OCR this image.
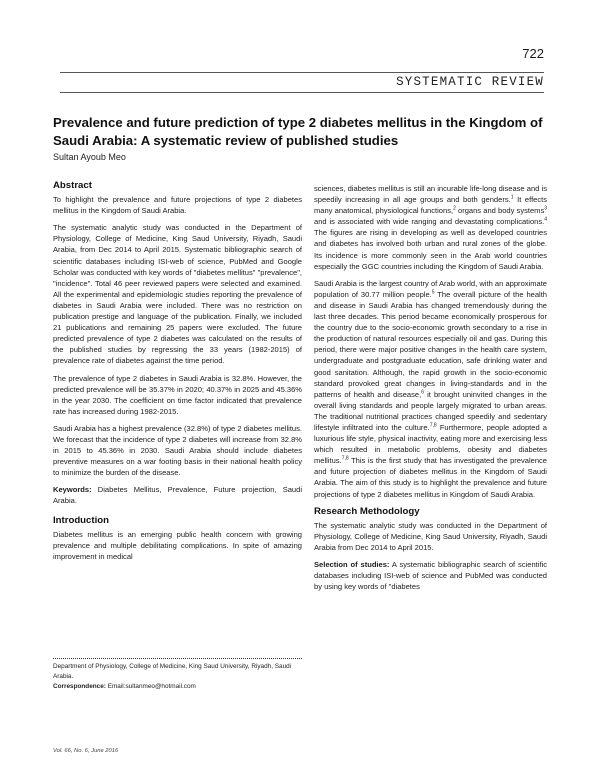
722
SYSTEMATIC REVIEW
Prevalence and future prediction of type 2 diabetes mellitus in the Kingdom of Saudi Arabia: A systematic review of published studies
Sultan Ayoub Meo
Abstract

To highlight the prevalence and future projections of type 2 diabetes mellitus in the Kingdom of Saudi Arabia.

The systematic analytic study was conducted in the Department of Physiology, College of Medicine, King Saud University, Riyadh, Saudi Arabia, from Dec 2014 to April 2015. Systematic bibliographic search of scientific databases including ISI-web of science, PubMed and Google Scholar was conducted with key words of "diabetes mellitus" "prevalence", "incidence". Total 46 peer reviewed papers were selected and examined. All the experimental and epidemiologic studies reporting the prevalence of diabetes in Saudi Arabia were included. There was no restriction on publication prestige and language of the publication. Finally, we included 21 publications and remaining 25 papers were excluded. The future predicted prevalence of type 2 diabetes was calculated on the results of the published studies by regressing the 33 years (1982-2015) of prevalence rate of diabetes against the time period.

The prevalence of type 2 diabetes in Saudi Arabia is 32.8%. However, the predicted prevalence will be 35.37% in 2020; 40.37% in 2025 and 45.36% in the year 2030. The coefficient on time factor indicated that prevalence rate has increased during 1982-2015.

Saudi Arabia has a highest prevalence (32.8%) of type 2 diabetes mellitus. We forecast that the incidence of type 2 diabetes will increase from 32.8% in 2015 to 45.36% in 2030. Saudi Arabia should include diabetes preventive measures on a war footing basis in their national health policy to minimize the burden of the disease.

Keywords: Diabetes Mellitus, Prevalence, Future projection, Saudi Arabia.

Introduction

Diabetes mellitus is an emerging public health concern with growing prevalence and multiple debilitating complications. In spite of amazing improvement in medical

Department of Physiology, College of Medicine, King Saud University, Riyadh, Saudi Arabia.
Correspondence: Email:sultanmeo@hotmail.com

sciences, diabetes mellitus is still an incurable life-long disease and is speedily increasing in all age groups and both genders.$^1$ It effects many anatomical, physiological functions,$^2$ organs and body systems$^3$ and is associated with wide ranging and devastating complications.$^4$ The figures are rising in developing as well as developed countries and diabetes has involved both urban and rural zones of the globe. Its incidence is more commonly seen in the Arab world countries especially the GGC countries including the Kingdom of Saudi Arabia.

Saudi Arabia is the largest country of Arab world, with an approximate population of 30.77 million people.$^5$ The overall picture of the health and disease in Saudi Arabia has changed tremendously during the last three decades. This period became economically prosperous for the country due to the socio-economic growth secondary to a rise in the production of natural resources especially oil and gas. During this period, there were major positive changes in the health care system, undergraduate and postgraduate education, safe drinking water and good sanitation. Although, the rapid growth in the socio-economic standard provoked great changes in living-standards and in the patterns of health and disease,$^6$ it brought uninvited changes in the overall living standards and people largely migrated to urban areas. The traditional nutritional practices changed speedily and sedentary lifestyle infiltrated into the culture.$^{7,8}$ Furthermore, people adopted a luxurious life style, physical inactivity, eating more and exercising less which resulted in metabolic problems, obesity and diabetes mellitus.$^{7,8}$ This is the first study that has investigated the prevalence and future projection of diabetes mellitus in the Kingdom of Saudi Arabia. The aim of this study is to highlight the prevalence and future projections of type 2 diabetes mellitus in Kingdom of Saudi Arabia.

Research Methodology

The systematic analytic study was conducted in the Department of Physiology, College of Medicine, King Saud University, Riyadh, Saudi Arabia from Dec 2014 to April 2015.

Selection of studies: A systematic bibliographic search of scientific databases including ISI-web of science and PubMed was conducted by using key words of "diabetes

Vol. 66, No. 6, June 2016
